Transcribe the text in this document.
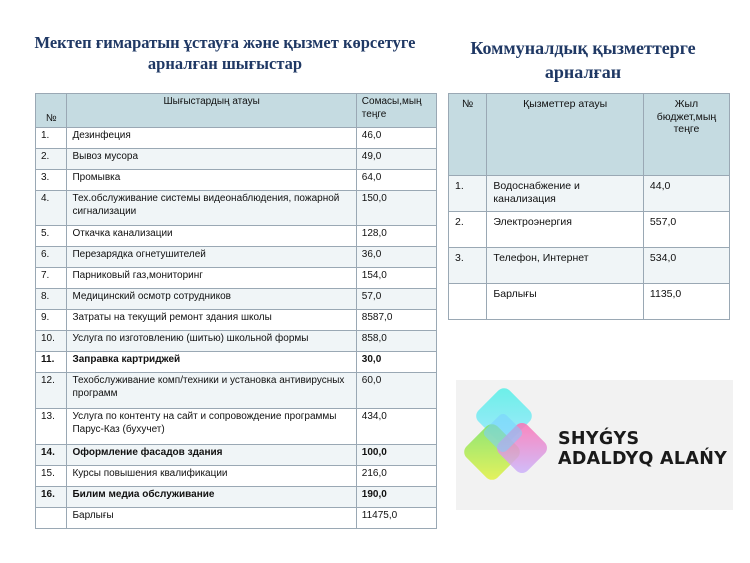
Мектеп ғимаратын ұстауға және қызмет көрсетуге арналған шығыстар
Коммуналдық қызметтерге арналған
№	Шығыстардың атауы	Сомасы,мың теңге
1.	Дезинфеция	46,0
2.	Вывоз мусора	49,0
3.	Промывка	64,0
4.	Тех.обслуживание системы видеонаблюдения, пожарной сигнализации	150,0
5.	Откачка канализации	128,0
6.	Перезарядка огнетушителей	36,0
7.	Парниковый газ,мониторинг	154,0
8.	Медицинский осмотр сотрудников	57,0
9.	Затраты на текущий ремонт здания школы	8587,0
10.	Услуга по изготовлению (шитью) школьной формы	858,0
11.	Заправка картриджей	30,0
12.	Техобслуживание комп/техники и установка антивирусных программ	60,0
13.	Услуга по контенту на сайт и сопровождение программы Парус-Каз (бухучет)	434,0
14.	Оформление фасадов здания	100,0
15.	Курсы повышения квалификации	216,0
16.	Билим медиа обслуживание	190,0
	Барлығы	11475,0
№	Қызметтер атауы	Жыл бюджет,мың теңге
1.	Водоснабжение и канализация	44,0
2.	Электроэнергия	557,0
3.	Телефон, Интернет	534,0
	Барлығы	1135,0
SHYǴYS
ADALDYQ ALAŃY
